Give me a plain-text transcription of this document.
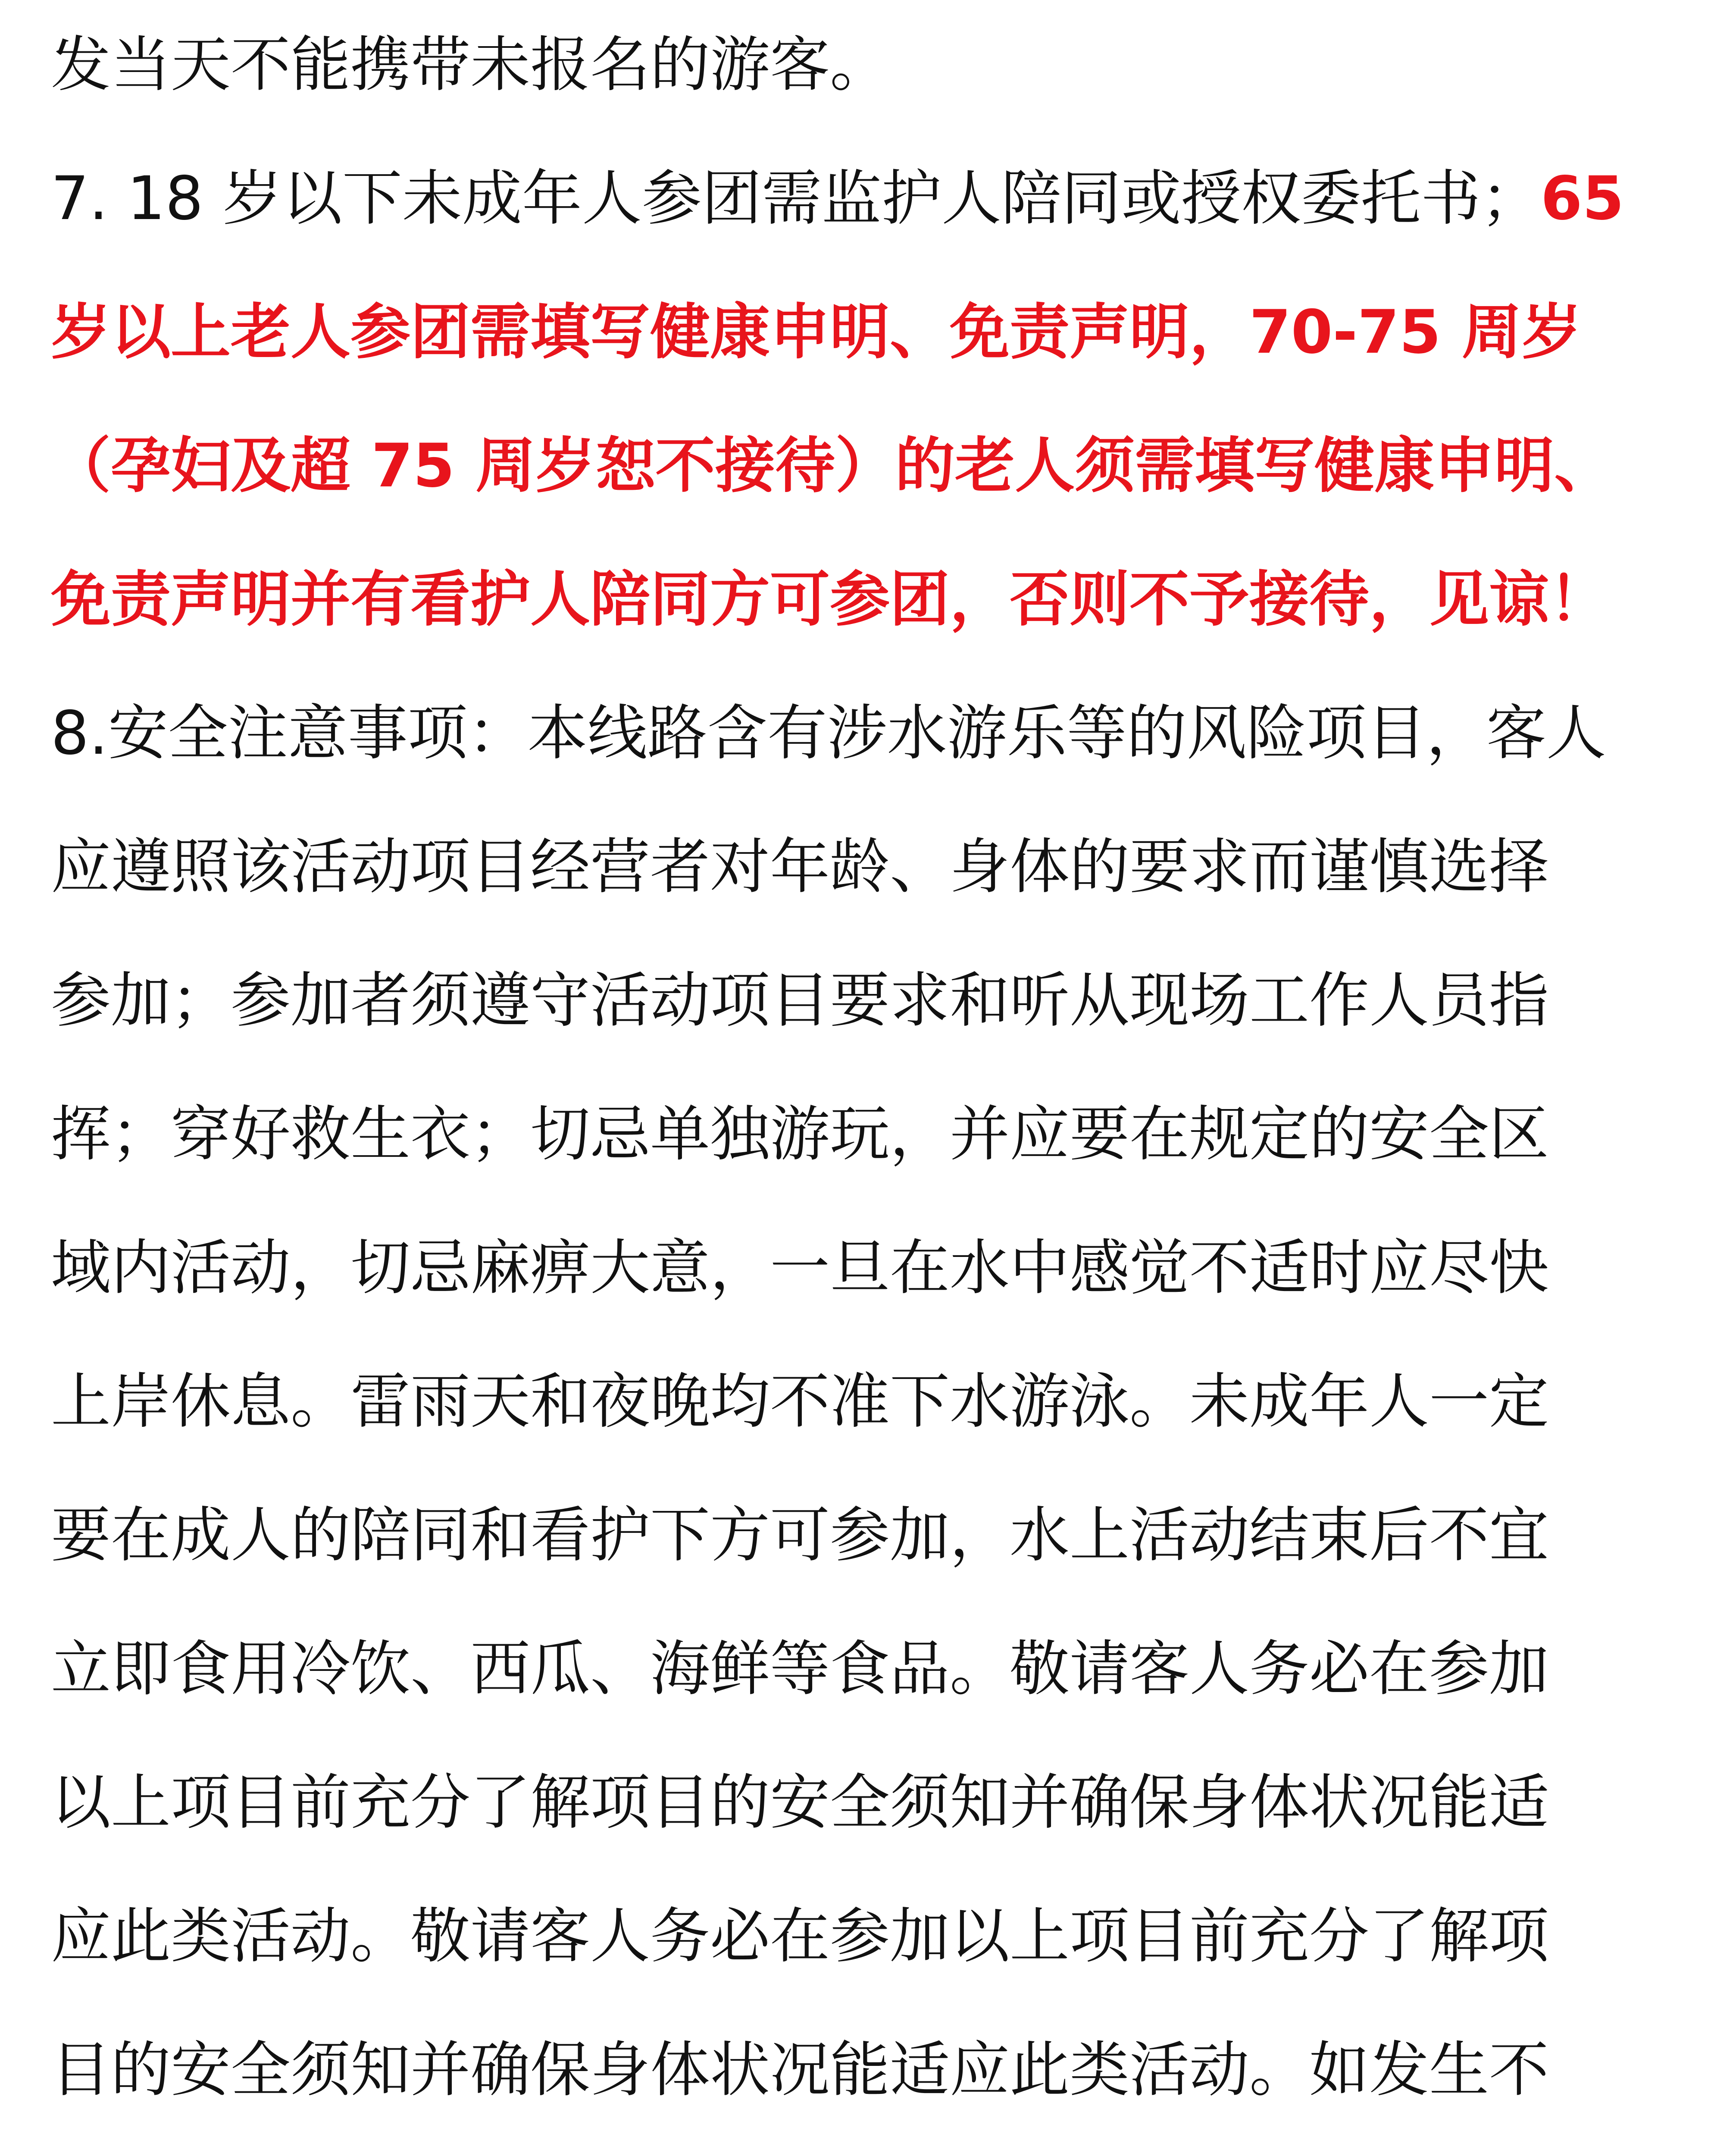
发当天不能携带未报名的游客。
7. 18 岁以下未成年人参团需监护人陪同或授权委托书；65
岁以上老人参团需填写健康申明、免责声明，70-75 周岁
（孕妇及超 75 周岁恕不接待）的老人须需填写健康申明、
免责声明并有看护人陪同方可参团，否则不予接待，见谅！
8.安全注意事项：本线路含有涉水游乐等的风险项目，客人
应遵照该活动项目经营者对年龄、身体的要求而谨慎选择
参加；参加者须遵守活动项目要求和听从现场工作人员指
挥；穿好救生衣；切忌单独游玩，并应要在规定的安全区
域内活动，切忌麻痹大意，一旦在水中感觉不适时应尽快
上岸休息。雷雨天和夜晚均不准下水游泳。未成年人一定
要在成人的陪同和看护下方可参加，水上活动结束后不宜
立即食用冷饮、西瓜、海鲜等食品。敬请客人务必在参加
以上项目前充分了解项目的安全须知并确保身体状况能适
应此类活动。敬请客人务必在参加以上项目前充分了解项
目的安全须知并确保身体状况能适应此类活动。如发生不
